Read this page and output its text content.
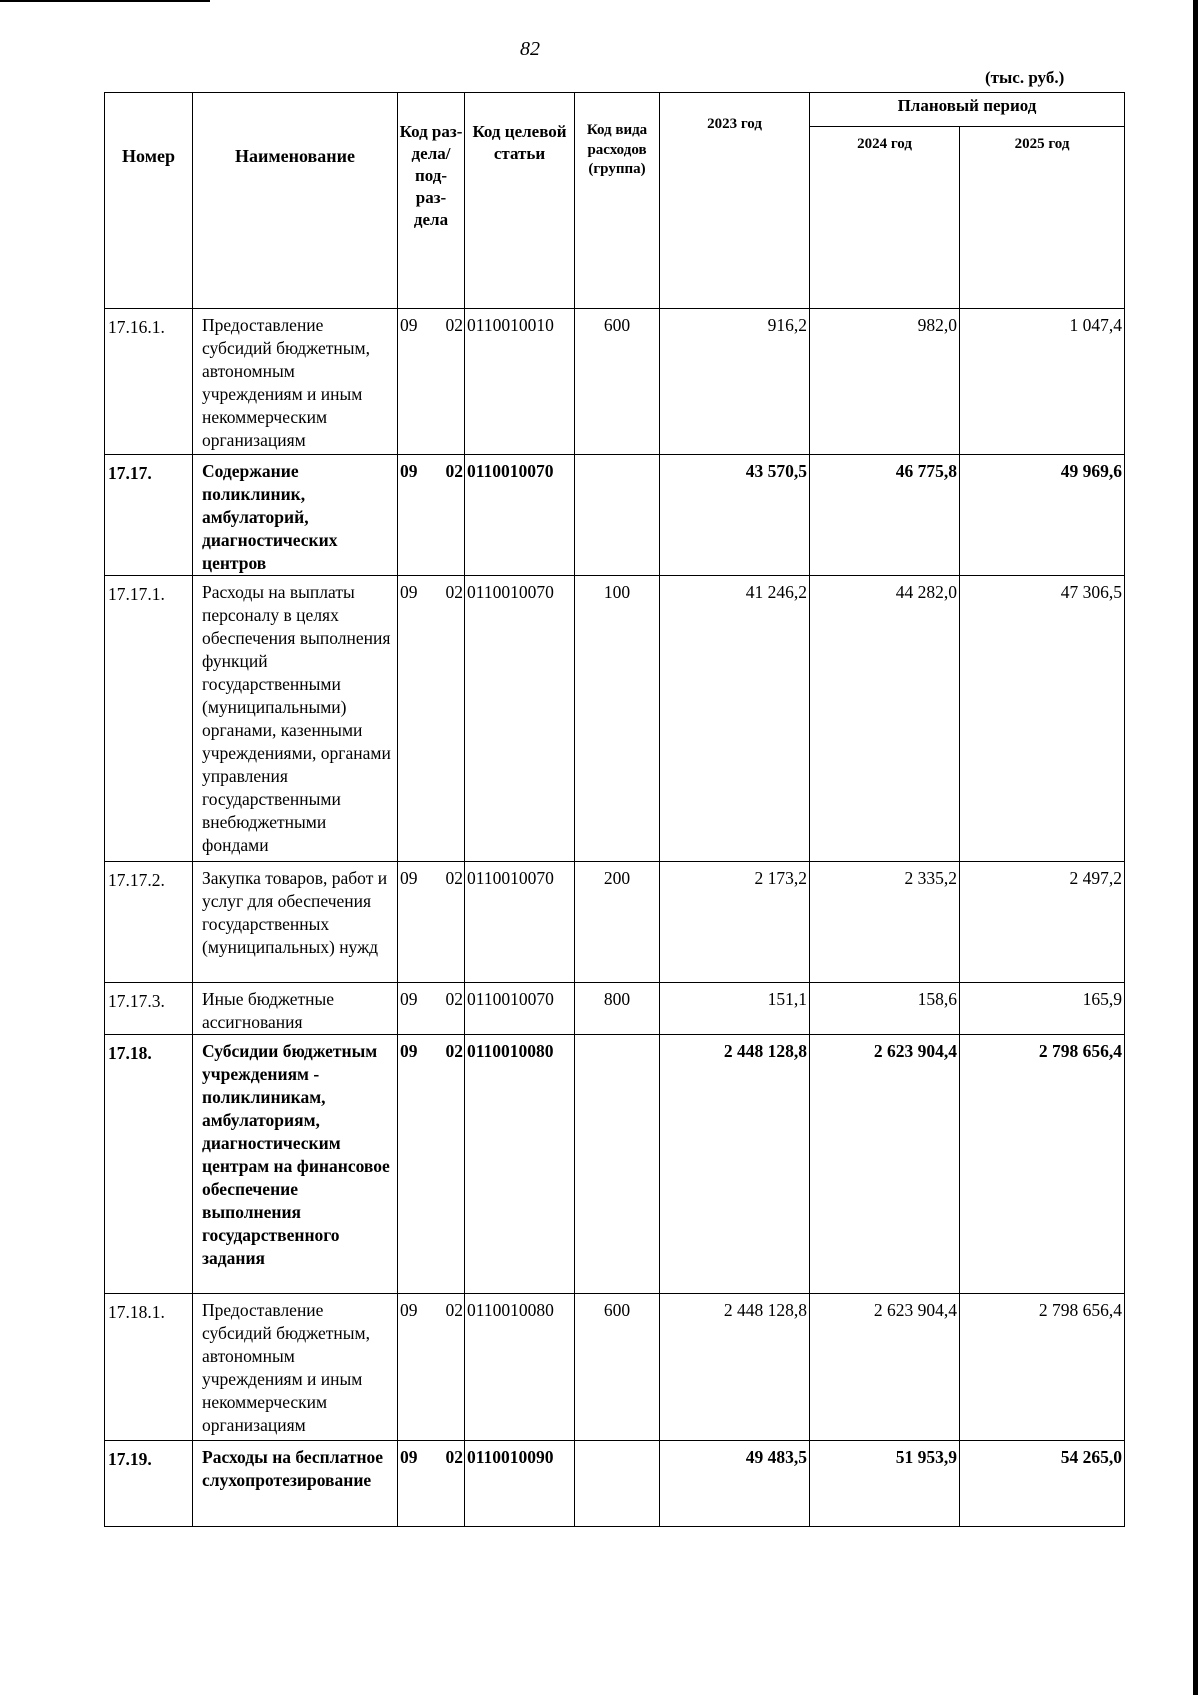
82
(тыс. руб.)
Номер	Наименование	Код раз- дела/ под- раз- дела	Код целевой статьи	Код вида расходов (группа)	2023 год	Плановый период	
						2024 год	2025 год
17.16.1.	Предоставление субсидий бюджетным, автономным учреждениям и иным некоммерческим организациям	09 02	0110010010	600	916,2	982,0	1 047,4
17.17.	Содержание поликлиник, амбулаторий, диагностических центров	09 02	0110010070		43 570,5	46 775,8	49 969,6
17.17.1.	Расходы на выплаты персоналу в целях обеспечения выполнения функций государственными (муниципальными) органами, казенными учреждениями, органами управления государственными внебюджетными фондами	09 02	0110010070	100	41 246,2	44 282,0	47 306,5
17.17.2.	Закупка товаров, работ и услуг для обеспечения государственных (муниципальных) нужд	09 02	0110010070	200	2 173,2	2 335,2	2 497,2
17.17.3.	Иные бюджетные ассигнования	09 02	0110010070	800	151,1	158,6	165,9
17.18.	Субсидии бюджетным учреждениям - поликлиникам, амбулаториям, диагностическим центрам на финансовое обеспечение выполнения государственного задания	09 02	0110010080		2 448 128,8	2 623 904,4	2 798 656,4
17.18.1.	Предоставление субсидий бюджетным, автономным учреждениям и иным некоммерческим организациям	09 02	0110010080	600	2 448 128,8	2 623 904,4	2 798 656,4
17.19.	Расходы на бесплатное слухопротезирование	09 02	0110010090		49 483,5	51 953,9	54 265,0
